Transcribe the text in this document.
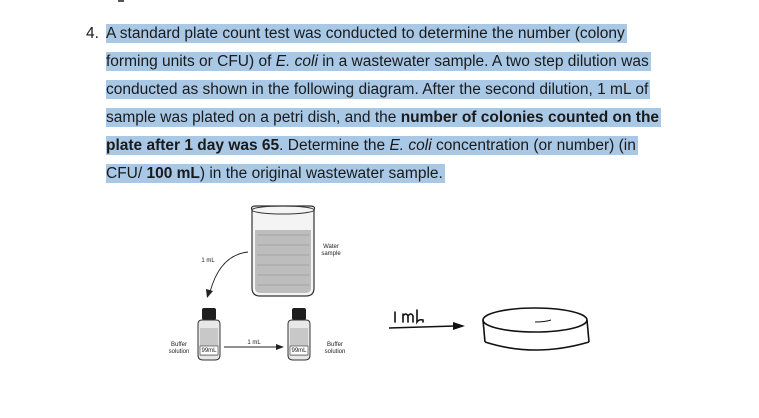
4. A standard plate count test was conducted to determine the number (colony
forming units or CFU) of E. coli in a wastewater sample. A two step dilution was
conducted as shown in the following diagram. After the second dilution, 1 mL of
sample was plated on a petri dish, and the number of colonies counted on the
plate after 1 day was 65. Determine the E. coli concentration (or number) (in
CFU/ 100 mL) in the original wastewater sample.
Water
sample
1 mL
1 mL
Buffer
solution
Buffer
solution
99mL	99mL
